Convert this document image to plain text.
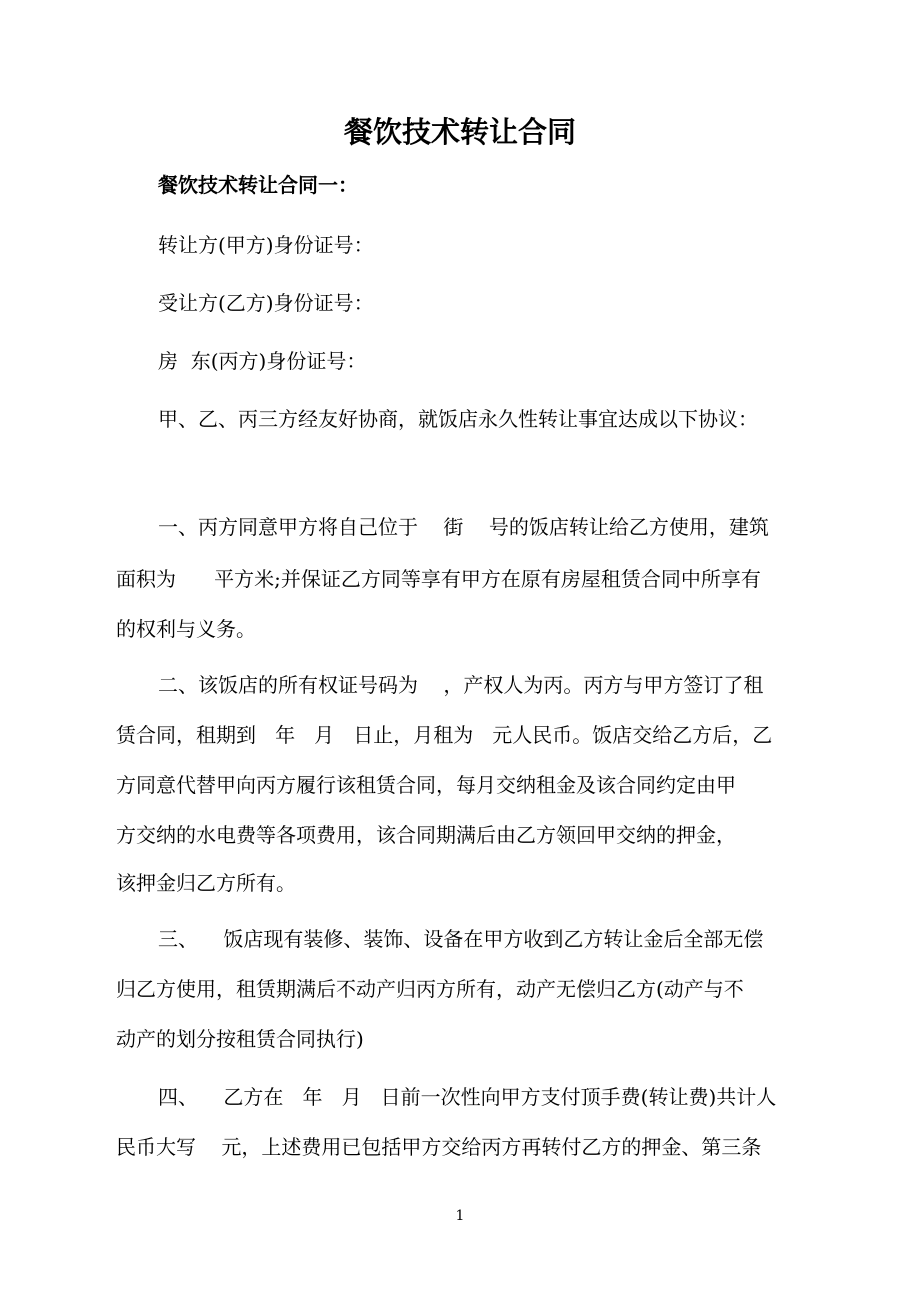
餐饮技术转让合同

餐饮技术转让合同一：

转让方(甲方)身份证号：

受让方(乙方)身份证号：

房  东(丙方)身份证号：

甲、乙、丙三方经友好协商，就饭店永久性转让事宜达成以下协议：

一、丙方同意甲方将自己位于    街    号的饭店转让给乙方使用，建筑

面积为      平方米;并保证乙方同等享有甲方在原有房屋租赁合同中所享有

的权利与义务。

二、该饭店的所有权证号码为    ，产权人为丙。丙方与甲方签订了租

赁合同，租期到   年   月   日止，月租为   元人民币。饭店交给乙方后，乙

方同意代替甲向丙方履行该租赁合同，每月交纳租金及该合同约定由甲

方交纳的水电费等各项费用，该合同期满后由乙方领回甲交纳的押金，

该押金归乙方所有。

三、    饭店现有装修、装饰、设备在甲方收到乙方转让金后全部无偿

归乙方使用，租赁期满后不动产归丙方所有，动产无偿归乙方(动产与不

动产的划分按租赁合同执行)

四、    乙方在   年   月   日前一次性向甲方支付顶手费(转让费)共计人

民币大写    元，上述费用已包括甲方交给丙方再转付乙方的押金、第三条

1
